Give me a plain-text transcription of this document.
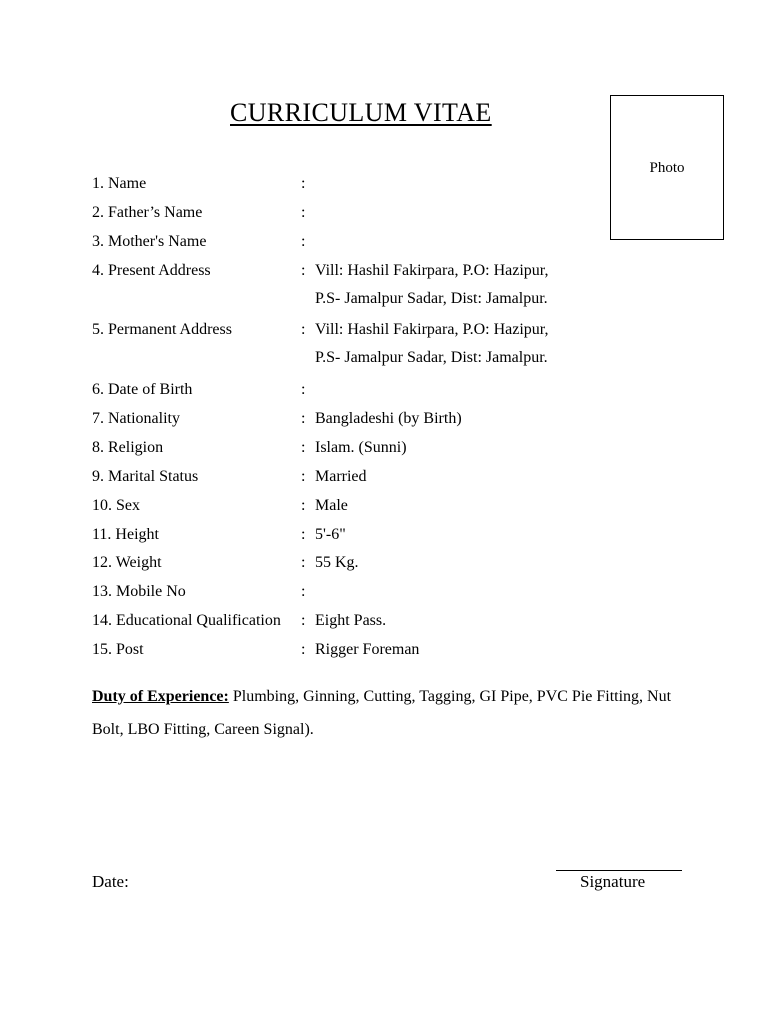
CURRICULUM VITAE
Photo
1. Name	:
2. Father’s Name	:
3. Mother's Name	:
4. Present Address	: Vill: Hashil Fakirpara, P.O: Hazipur,
P.S- Jamalpur Sadar, Dist: Jamalpur.
5. Permanent Address	: Vill: Hashil Fakirpara, P.O: Hazipur,
P.S- Jamalpur Sadar, Dist: Jamalpur.
6. Date of Birth	:
7. Nationality	: Bangladeshi (by Birth)
8. Religion	: Islam. (Sunni)
9. Marital Status	: Married
10. Sex	: Male
11. Height	: 5'-6"
12. Weight	: 55 Kg.
13. Mobile No	:
14. Educational Qualification : Eight Pass.
15. Post	: Rigger Foreman
Duty of Experience: Plumbing, Ginning, Cutting, Tagging, GI Pipe, PVC Pie Fitting, Nut Bolt, LBO Fitting, Careen Signal).
Date:	Signature
